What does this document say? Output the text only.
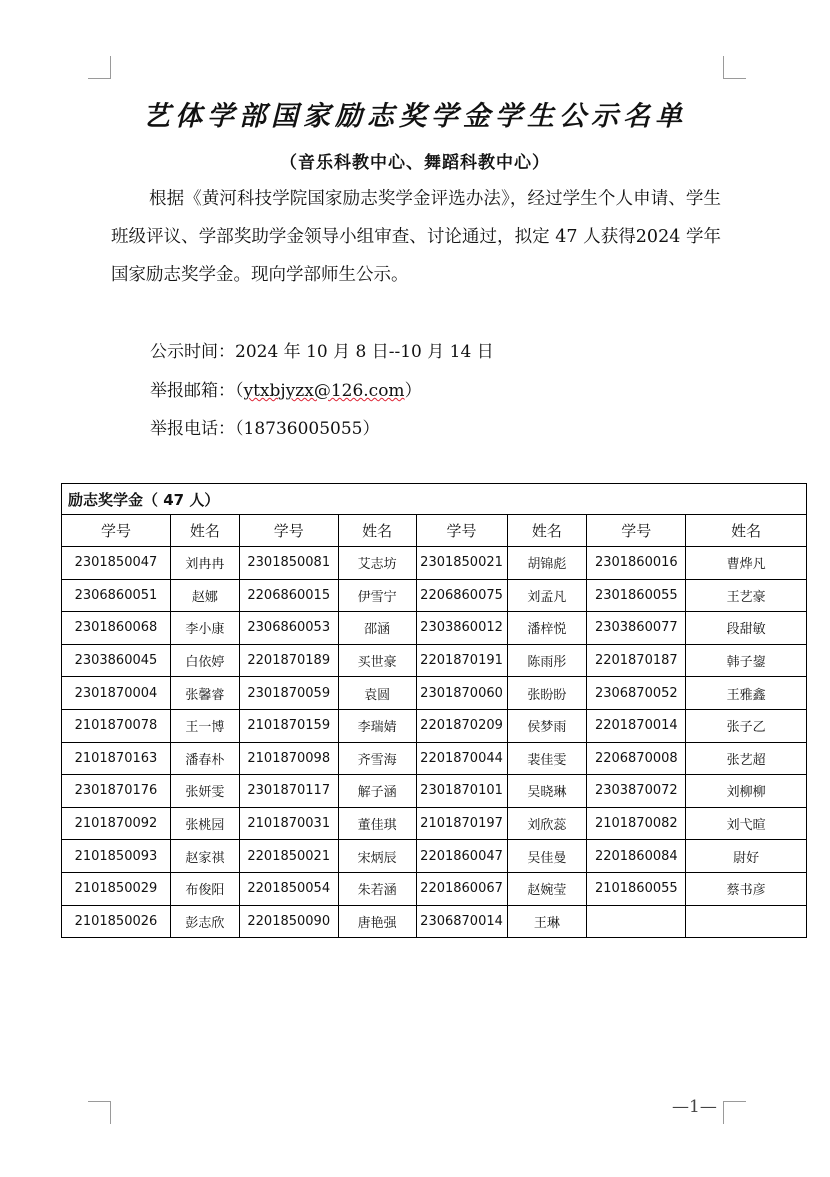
艺体学部国家励志奖学金学生公示名单
（音乐科教中心、舞蹈科教中心）
根据《黄河科技学院国家励志奖学金评选办法》，经过学生个人申请、学生班级评议、学部奖助学金领导小组审查、讨论通过，拟定 47 人获得2024 学年国家励志奖学金。现向学部师生公示。
公示时间：2024 年 10 月 8 日--10 月 14 日
举报邮箱：（ytxbjyzx@126.com）
举报电话：（18736005055）
励志奖学金（ 47 人）							
学号	姓名	学号	姓名	学号	姓名	学号	姓名
2301850047	刘冉冉	2301850081	艾志坊	2301850021	胡锦彪	2301860016	曹烨凡
2306860051	赵娜	2206860015	伊雪宁	2206860075	刘孟凡	2301860055	王艺豪
2301860068	李小康	2306860053	邵涵	2303860012	潘梓悦	2303860077	段甜敏
2303860045	白依婷	2201870189	买世豪	2201870191	陈雨彤	2201870187	韩子鋆
2301870004	张馨睿	2301870059	袁圆	2301870060	张盼盼	2306870052	王雅鑫
2101870078	王一博	2101870159	李瑞婧	2201870209	侯梦雨	2201870014	张子乙
2101870163	潘春朴	2101870098	齐雪海	2201870044	裴佳雯	2206870008	张艺超
2301870176	张妍雯	2301870117	解子涵	2301870101	吴晓琳	2303870072	刘柳柳
2101870092	张桃园	2101870031	董佳琪	2101870197	刘欣蕊	2101870082	刘弋暄
2101850093	赵家祺	2201850021	宋炳辰	2201860047	吴佳曼	2201860084	尉好
2101850029	布俊阳	2201850054	朱若涵	2201860067	赵婉莹	2101860055	蔡书彦
2101850026	彭志欣	2201850090	唐艳强	2306870014	王琳		
—1—
